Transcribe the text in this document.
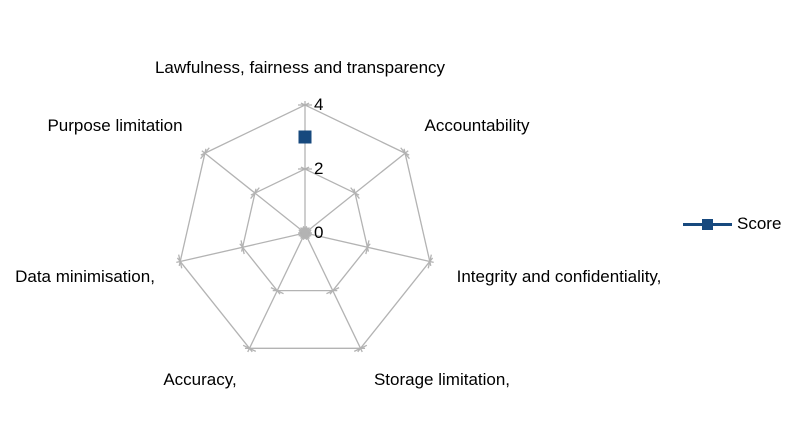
Lawfulness, fairness and transparency
Accountability
Integrity and confidentiality,
Storage limitation,
Accuracy,
Data minimisation,
Purpose limitation
4
2
0	Score
